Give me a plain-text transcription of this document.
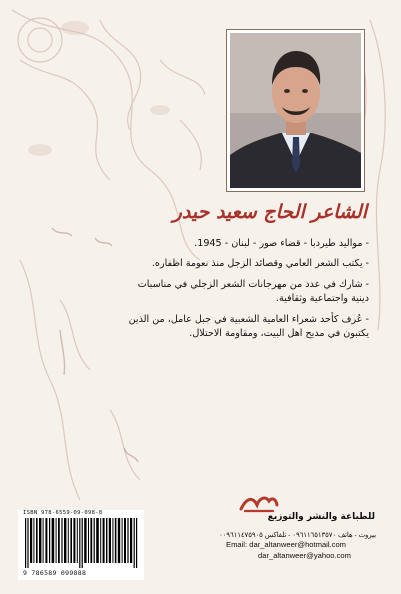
الشاعر الحاج سعيد حيدر

- مواليد طيردبا - قضاء صور - لبنان - 1945.

- يكتب الشعر العامي وقصائد الزجل منذ نعومة اظفاره.

- شارك في عدد من مهرجانات الشعر الزجلي في مناسبات دينية واجتماعية وثقافية.

- عُرف كأحد شعراء العامية الشعبية في جبل عامل، من الذين يكتبون في مديح اهل البيت، ومقاومة الاحتلال.

ISBN 978-6559-09-098-8
9 786589 099888
للطباعة والنشر والتوزيع
بيروت - هاتف ٠٩٦١١٦٥١٣٥٧٠ - تلفاكس ٠٠٩٦١١٤٧٥٩٠٥
Email: dar_altanweer@hotmail.com
dar_altanweer@yahoo.com
